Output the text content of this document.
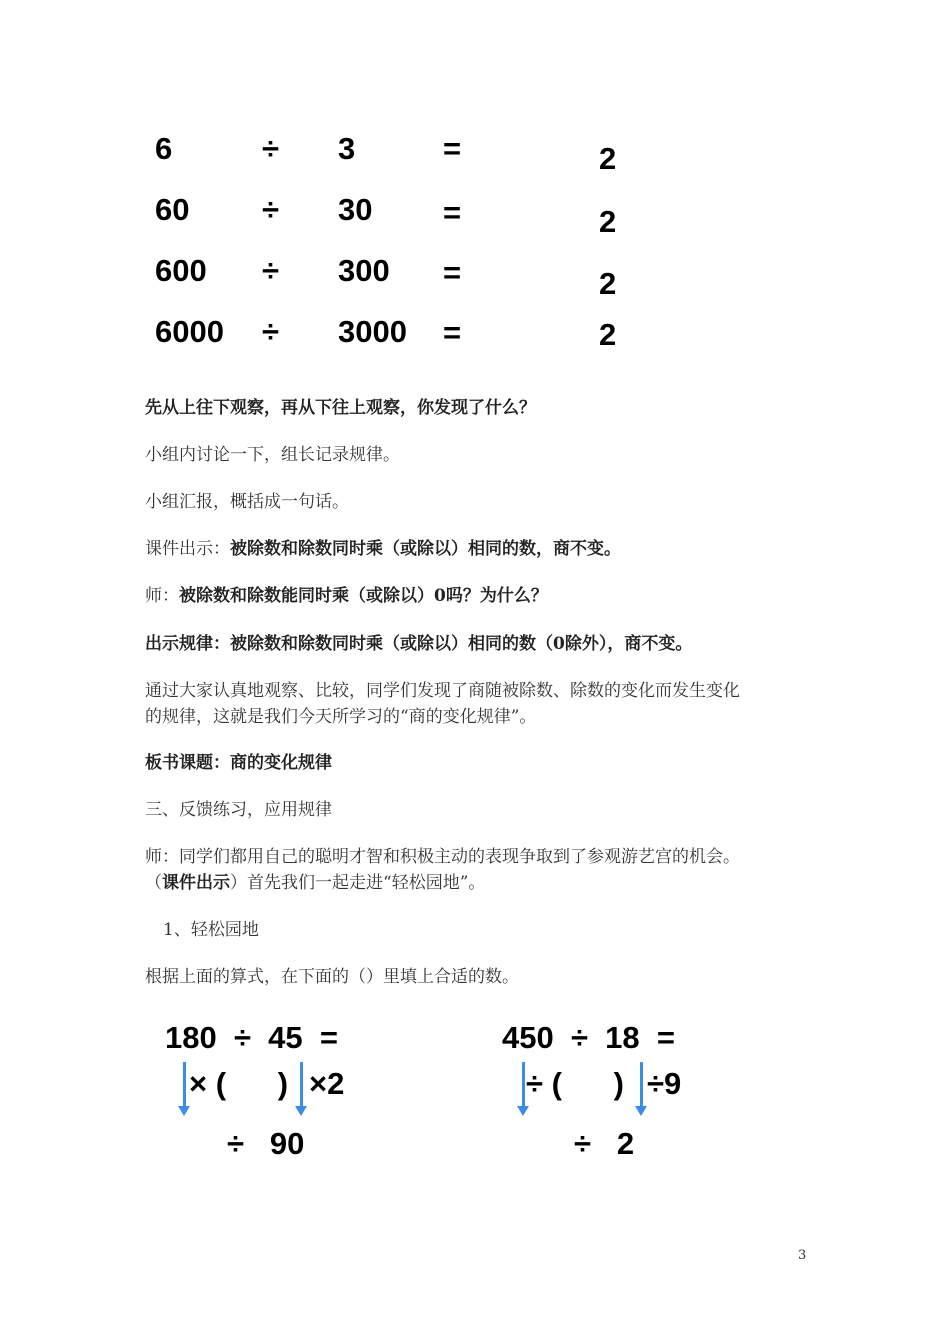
6	÷ 3	=	2
60 ÷ 30 =	2
600 ÷ 300 =	2
6000 ÷ 3000 =	2
先从上往下观察，再从下往上观察，你发现了什么？
小组内讨论一下，组长记录规律。
小组汇报，概括成一句话。
课件出示：被除数和除数同时乘（或除以）相同的数，商不变。
师：被除数和除数能同时乘（或除以）0吗？为什么？
出示规律：被除数和除数同时乘（或除以）相同的数（0除外），商不变。
通过大家认真地观察、比较，同学们发现了商随被除数、除数的变化而发生变化
的规律，这就是我们今天所学习的“商的变化规律”。
板书课题：商的变化规律
三、反馈练习，应用规律
师：同学们都用自己的聪明才智和积极主动的表现争取到了参观游艺宫的机会。
（课件出示）首先我们一起走进“轻松园地”。
1、轻松园地
根据上面的算式，在下面的（）里填上合适的数。
180  ÷  45  =
× (      ) ×2
÷   90
450  ÷  18  =
÷ (      ) ÷9
÷   2
3
